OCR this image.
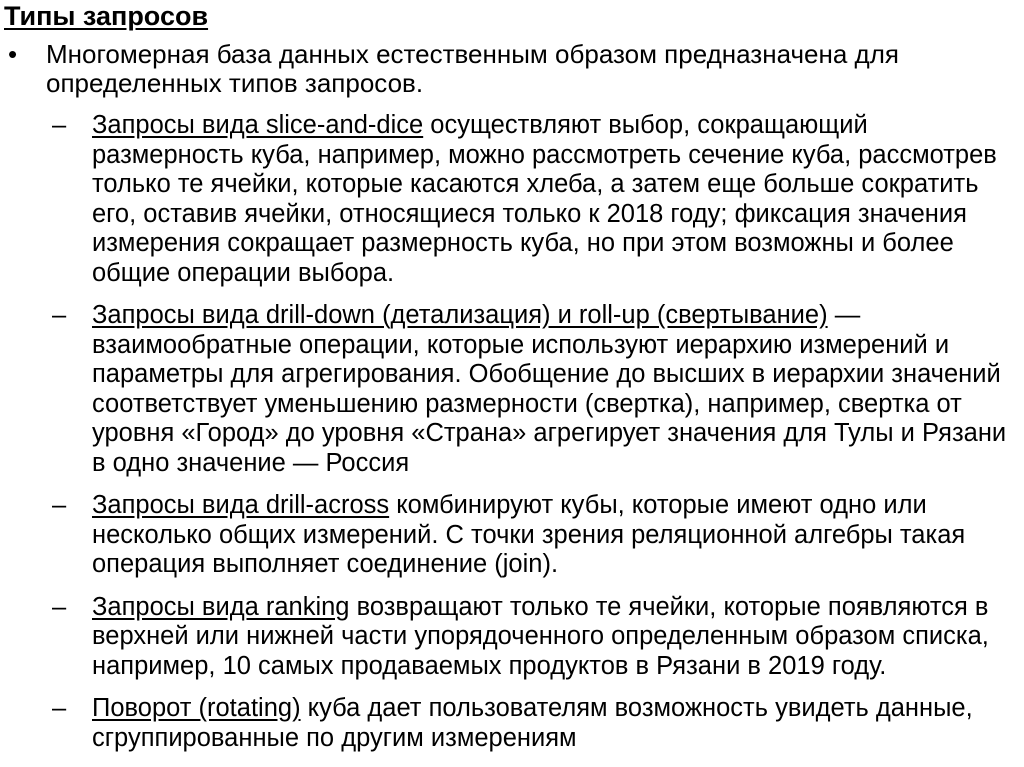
Типы запросов
• Многомерная база данных естественным образом предназначена для определенных типов запросов.
– Запросы вида slice-and-dice осуществляют выбор, сокращающий размерность куба, например, можно рассмотреть сечение куба, рассмотрев только те ячейки, которые касаются хлеба, а затем еще больше сократить его, оставив ячейки, относящиеся только к 2018 году; фиксация значения измерения сокращает размерность куба, но при этом возможны и более общие операции выбора.
– Запросы вида drill-down (детализация) и roll-up (свертывание) — взаимообратные операции, которые используют иерархию измерений и параметры для агрегирования. Обобщение до высших в иерархии значений соответствует уменьшению размерности (свертка), например, свертка от уровня «Город» до уровня «Страна» агрегирует значения для Тулы и Рязани в одно значение — Россия
– Запросы вида drill-across комбинируют кубы, которые имеют одно или несколько общих измерений. С точки зрения реляционной алгебры такая операция выполняет соединение (join).
– Запросы вида ranking возвращают только те ячейки, которые появляются в верхней или нижней части упорядоченного определенным образом списка, например, 10 самых продаваемых продуктов в Рязани в 2019 году.
– Поворот (rotating) куба дает пользователям возможность увидеть данные, сгруппированные по другим измерениям
